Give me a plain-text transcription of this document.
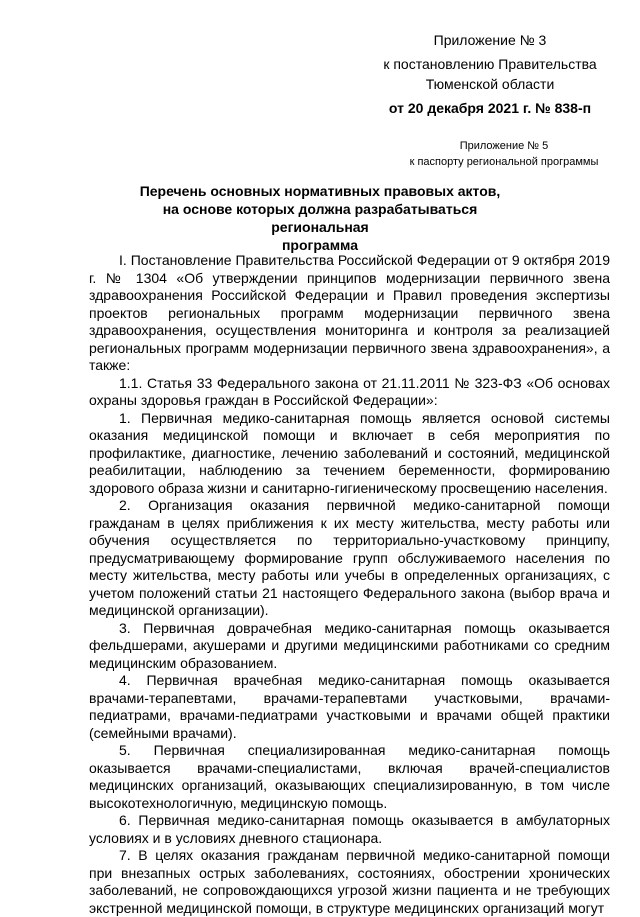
Приложение № 3
к постановлению Правительства
Тюменской области
от 20 декабря 2021 г. № 838-п
Приложение № 5
к паспорту региональной программы
Перечень основных нормативных правовых актов,
на основе которых должна разрабатываться региональная
программа

I. Постановление Правительства Российской Федерации от 9 октября 2019 г. № 1304 «Об утверждении принципов модернизации первичного звена здравоохранения Российской Федерации и Правил проведения экспертизы проектов региональных программ модернизации первичного звена здравоохранения, осуществления мониторинга и контроля за реализацией региональных программ модернизации первичного звена здравоохранения», а также:

1.1. Статья 33 Федерального закона от 21.11.2011 № 323-ФЗ «Об основах охраны здоровья граждан в Российской Федерации»:

1. Первичная медико-санитарная помощь является основой системы оказания медицинской помощи и включает в себя мероприятия по профилактике, диагностике, лечению заболеваний и состояний, медицинской реабилитации, наблюдению за течением беременности, формированию здорового образа жизни и санитарно-гигиеническому просвещению населения.

2. Организация оказания первичной медико-санитарной помощи гражданам в целях приближения к их месту жительства, месту работы или обучения осуществляется по территориально-участковому принципу, предусматривающему формирование групп обслуживаемого населения по месту жительства, месту работы или учебы в определенных организациях, с учетом положений статьи 21 настоящего Федерального закона (выбор врача и медицинской организации).

3. Первичная доврачебная медико-санитарная помощь оказывается фельдшерами, акушерами и другими медицинскими работниками со средним медицинским образованием.

4. Первичная врачебная медико-санитарная помощь оказывается врачами-терапевтами, врачами-терапевтами участковыми, врачами-педиатрами, врачами-педиатрами участковыми и врачами общей практики (семейными врачами).

5. Первичная специализированная медико-санитарная помощь оказывается врачами-специалистами, включая врачей-специалистов медицинских организаций, оказывающих специализированную, в том числе высокотехнологичную, медицинскую помощь.

6. Первичная медико-санитарная помощь оказывается в амбулаторных условиях и в условиях дневного стационара.

7. В целях оказания гражданам первичной медико-санитарной помощи при внезапных острых заболеваниях, состояниях, обострении хронических заболеваний, не сопровождающихся угрозой жизни пациента и не требующих экстренной медицинской помощи, в структуре медицинских организаций могут
